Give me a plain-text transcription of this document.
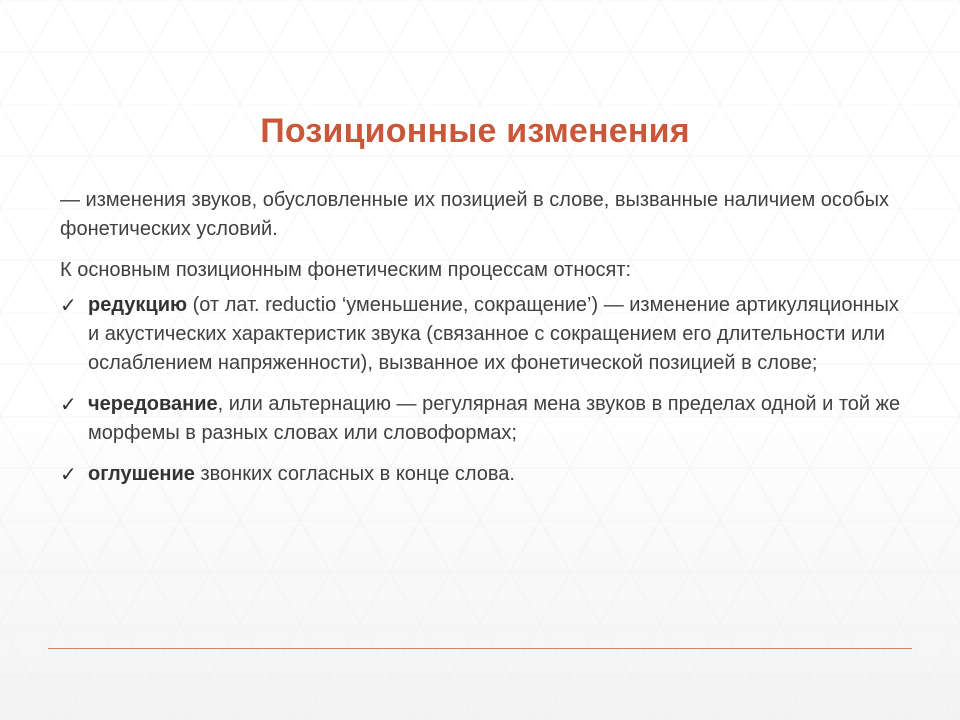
Позиционные изменения

— изменения звуков, обусловленные их позицией в слове, вызванные наличием особых фонетических условий.

К основным позиционным фонетическим процессам относят:

✓ редукцию (от лат. reductio ‘уменьшение, сокращение’) — изменение артикуляционных и акустических характеристик звука (связанное с сокращением его длительности или ослаблением напряженности), вызванное их фонетической позицией в слове;
✓ чередование, или альтернацию — регулярная мена звуков в пределах одной и той же морфемы в разных словах или словоформах;
✓ оглушение звонких согласных в конце слова.
